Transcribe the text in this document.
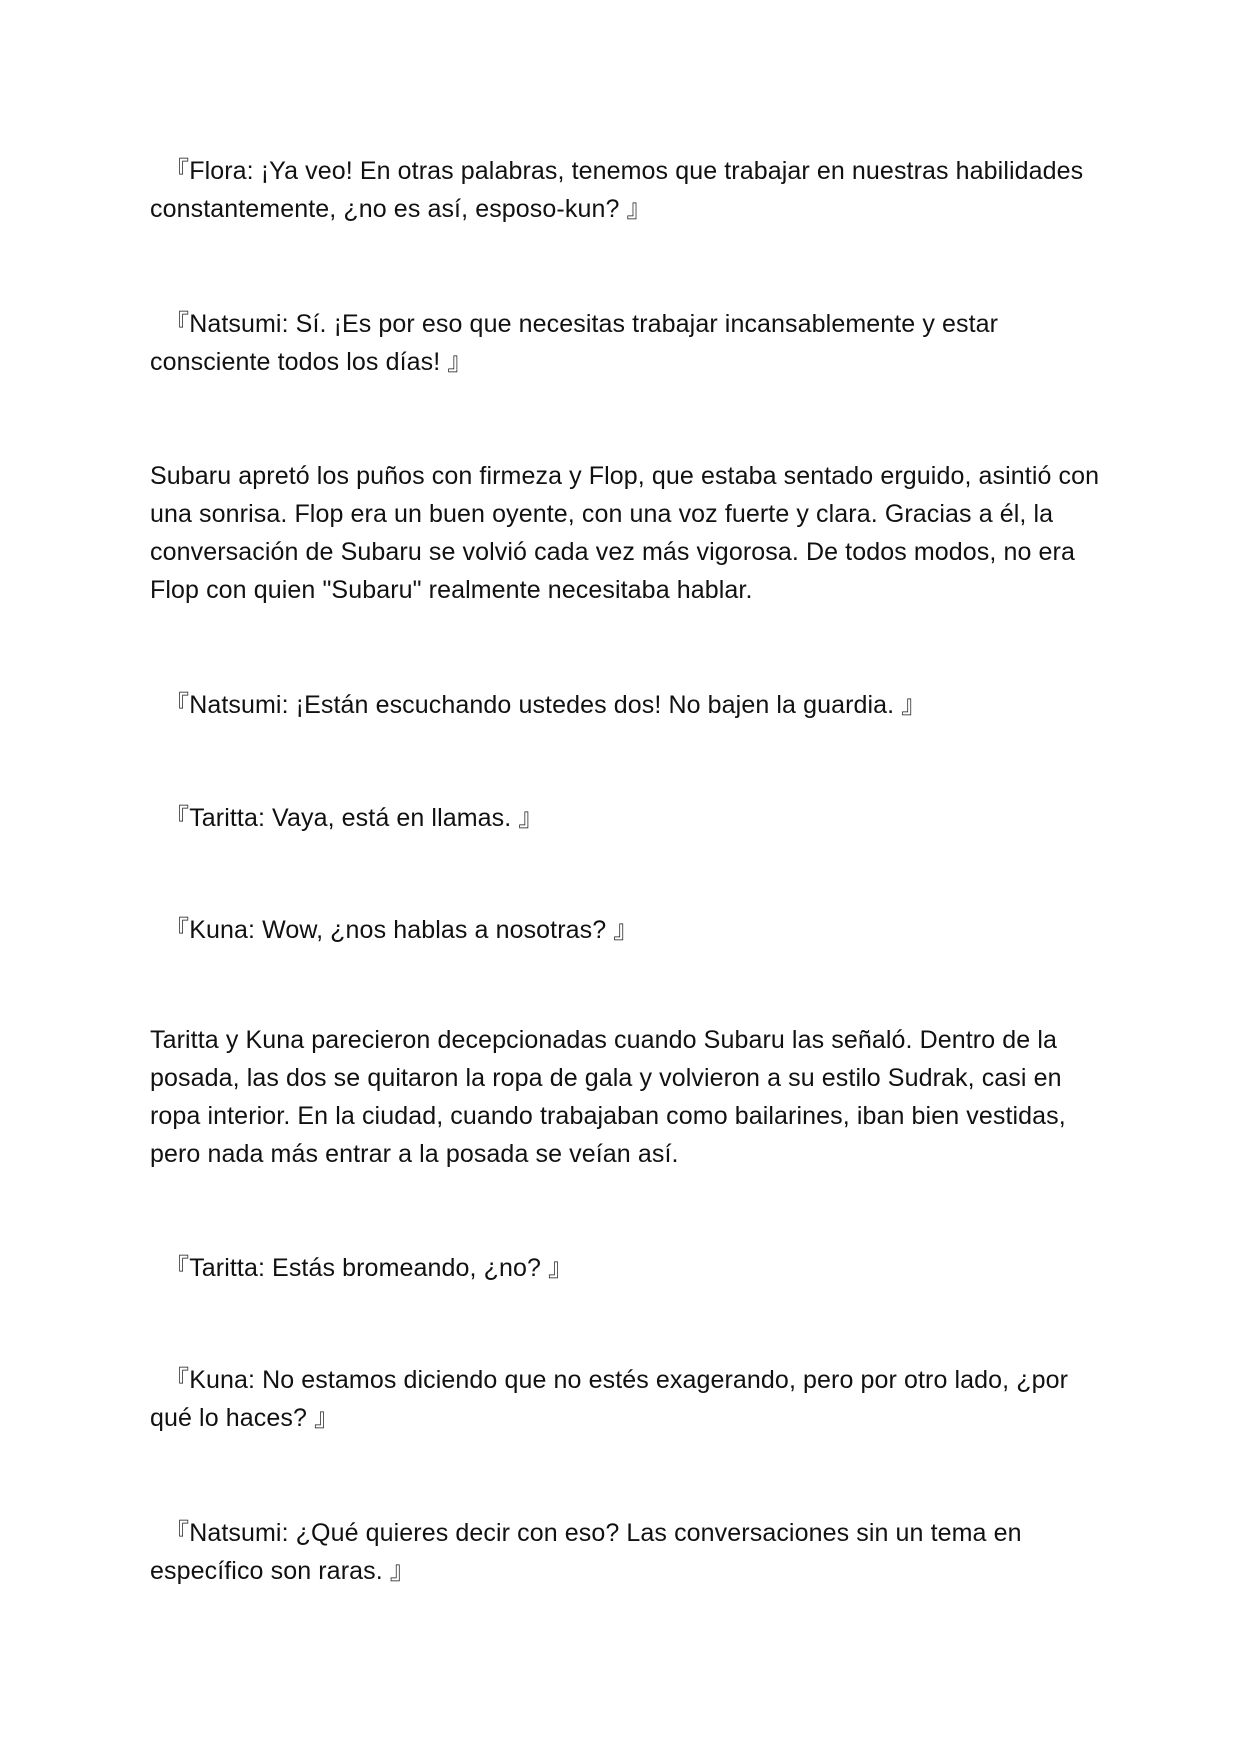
『Flora: ¡Ya veo! En otras palabras, tenemos que trabajar en nuestras habilidades constantemente, ¿no es así, esposo-kun? 』

『Natsumi: Sí. ¡Es por eso que necesitas trabajar incansablemente y estar consciente todos los días! 』

Subaru apretó los puños con firmeza y Flop, que estaba sentado erguido, asintió con una sonrisa. Flop era un buen oyente, con una voz fuerte y clara. Gracias a él, la conversación de Subaru se volvió cada vez más vigorosa. De todos modos, no era Flop con quien "Subaru" realmente necesitaba hablar.

『Natsumi: ¡Están escuchando ustedes dos! No bajen la guardia. 』

『Taritta: Vaya, está en llamas. 』

『Kuna: Wow, ¿nos hablas a nosotras? 』

Taritta y Kuna parecieron decepcionadas cuando Subaru las señaló. Dentro de la posada, las dos se quitaron la ropa de gala y volvieron a su estilo Sudrak, casi en ropa interior. En la ciudad, cuando trabajaban como bailarines, iban bien vestidas, pero nada más entrar a la posada se veían así.

『Taritta: Estás bromeando, ¿no? 』

『Kuna: No estamos diciendo que no estés exagerando, pero por otro lado, ¿por qué lo haces? 』

『Natsumi: ¿Qué quieres decir con eso? Las conversaciones sin un tema en específico son raras. 』
